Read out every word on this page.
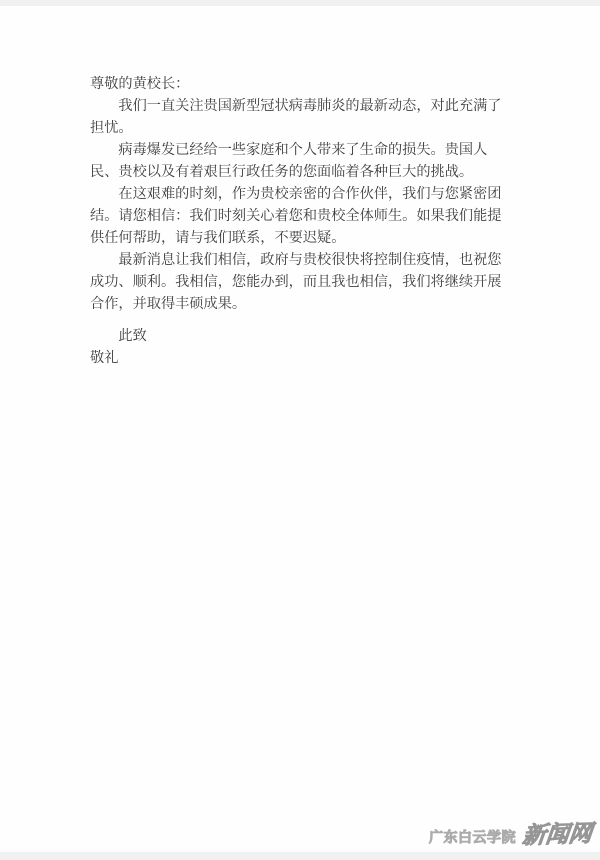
尊敬的黄校长：

我们一直关注贵国新型冠状病毒肺炎的最新动态，对此充满了担忧。

病毒爆发已经给一些家庭和个人带来了生命的损失。贵国人民、贵校以及有着艰巨行政任务的您面临着各种巨大的挑战。

在这艰难的时刻，作为贵校亲密的合作伙伴，我们与您紧密团结。请您相信：我们时刻关心着您和贵校全体师生。如果我们能提供任何帮助，请与我们联系，不要迟疑。

最新消息让我们相信，政府与贵校很快将控制住疫情，也祝您成功、顺利。我相信，您能办到，而且我也相信，我们将继续开展合作，并取得丰硕成果。

此致

敬礼

广东白云学院 新闻网
